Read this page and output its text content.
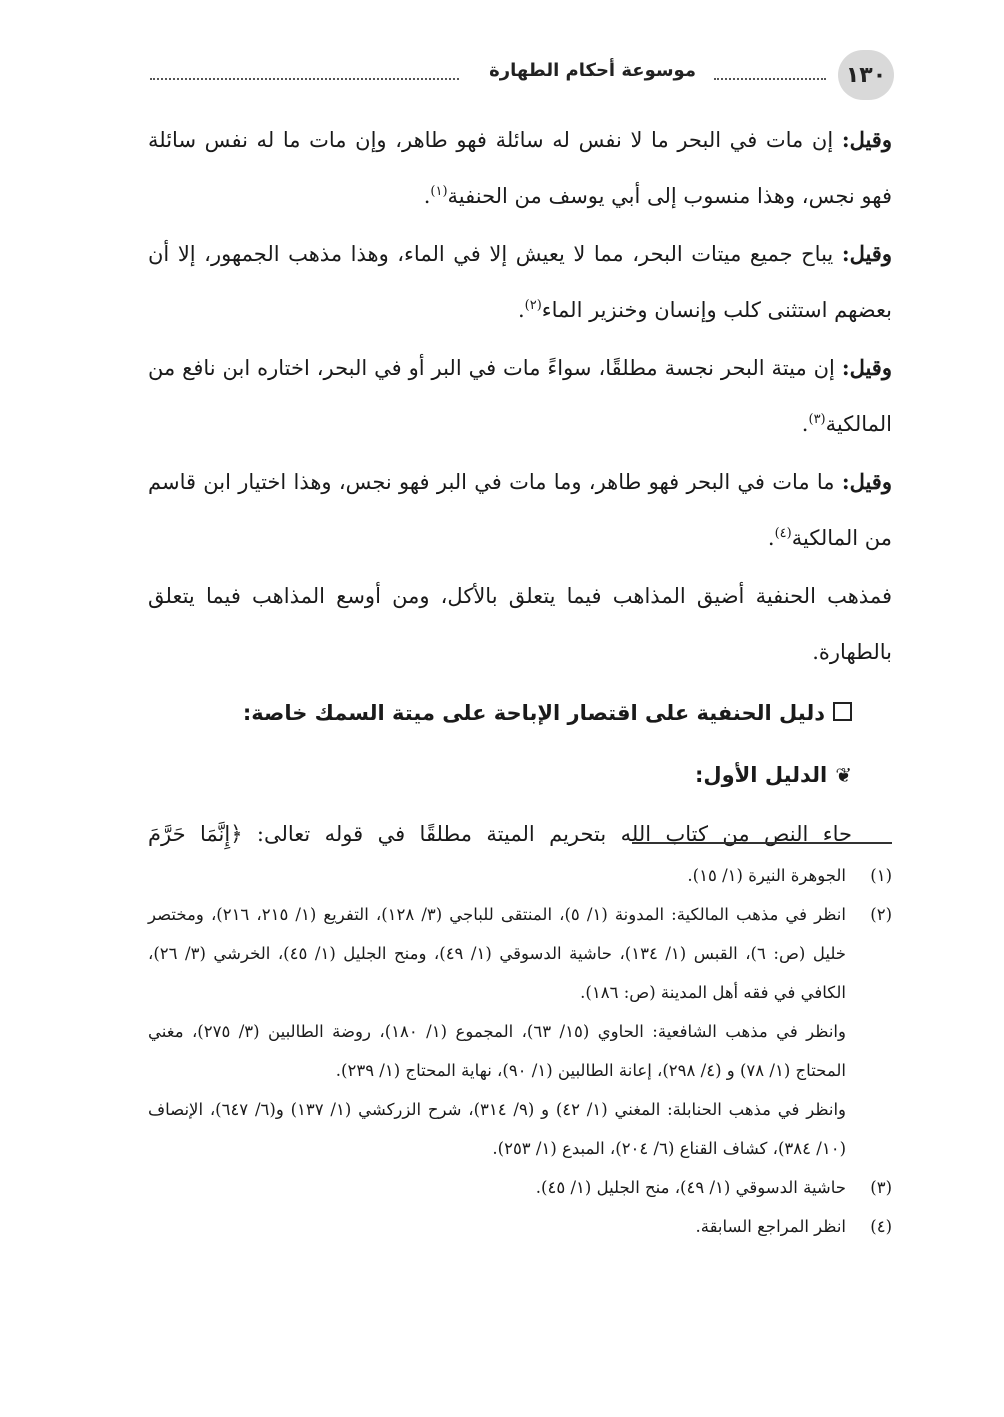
١٣٠
موسوعة أحكام الطهارة

وقيل: إن مات في البحر ما لا نفس له سائلة فهو طاهر، وإن مات ما له نفس سائلة فهو نجس، وهذا منسوب إلى أبي يوسف من الحنفية$^{(١)}$.

وقيل: يباح جميع ميتات البحر، مما لا يعيش إلا في الماء، وهذا مذهب الجمهور، إلا أن بعضهم استثنى كلب وإنسان وخنزير الماء$^{(٢)}$.

وقيل: إن ميتة البحر نجسة مطلقًا، سواءً مات في البر أو في البحر، اختاره ابن نافع من المالكية$^{(٣)}$.

وقيل: ما مات في البحر فهو طاهر، وما مات في البر فهو نجس، وهذا اختيار ابن قاسم من المالكية$^{(٤)}$.

فمذهب الحنفية أضيق المذاهب فيما يتعلق بالأكل، ومن أوسع المذاهب فيما يتعلق بالطهارة.

دليل الحنفية على اقتصار الإباحة على ميتة السمك خاصة:
❦الدليل الأول:
جاء النص من كتاب الله بتحريم الميتة مطلقًا في قوله تعالى: ﴿إِنَّمَا حَرَّمَ
(١)

الجوهرة النيرة (١/ ١٥).

(٢)

انظر في مذهب المالكية: المدونة (١/ ٥)، المنتقى للباجي (٣/ ١٢٨)، التفريع (١/ ٢١٥، ٢١٦)، ومختصر خليل (ص: ٦)، القبس (١/ ١٣٤)، حاشية الدسوقي (١/ ٤٩)، ومنح الجليل (١/ ٤٥)، الخرشي (٣/ ٢٦)، الكافي في فقه أهل المدينة (ص: ١٨٦).

وانظر في مذهب الشافعية: الحاوي (١٥/ ٦٣)، المجموع (١/ ١٨٠)، روضة الطالبين (٣/ ٢٧٥)، مغني المحتاج (١/ ٧٨) و (٤/ ٢٩٨)، إعانة الطالبين (١/ ٩٠)، نهاية المحتاج (١/ ٢٣٩).

وانظر في مذهب الحنابلة: المغني (١/ ٤٢) و (٩/ ٣١٤)، شرح الزركشي (١/ ١٣٧) و(٦/ ٦٤٧)، الإنصاف (١٠/ ٣٨٤)، كشاف القناع (٦/ ٢٠٤)، المبدع (١/ ٢٥٣).

(٣)

حاشية الدسوقي (١/ ٤٩)، منح الجليل (١/ ٤٥).

(٤)

انظر المراجع السابقة.
